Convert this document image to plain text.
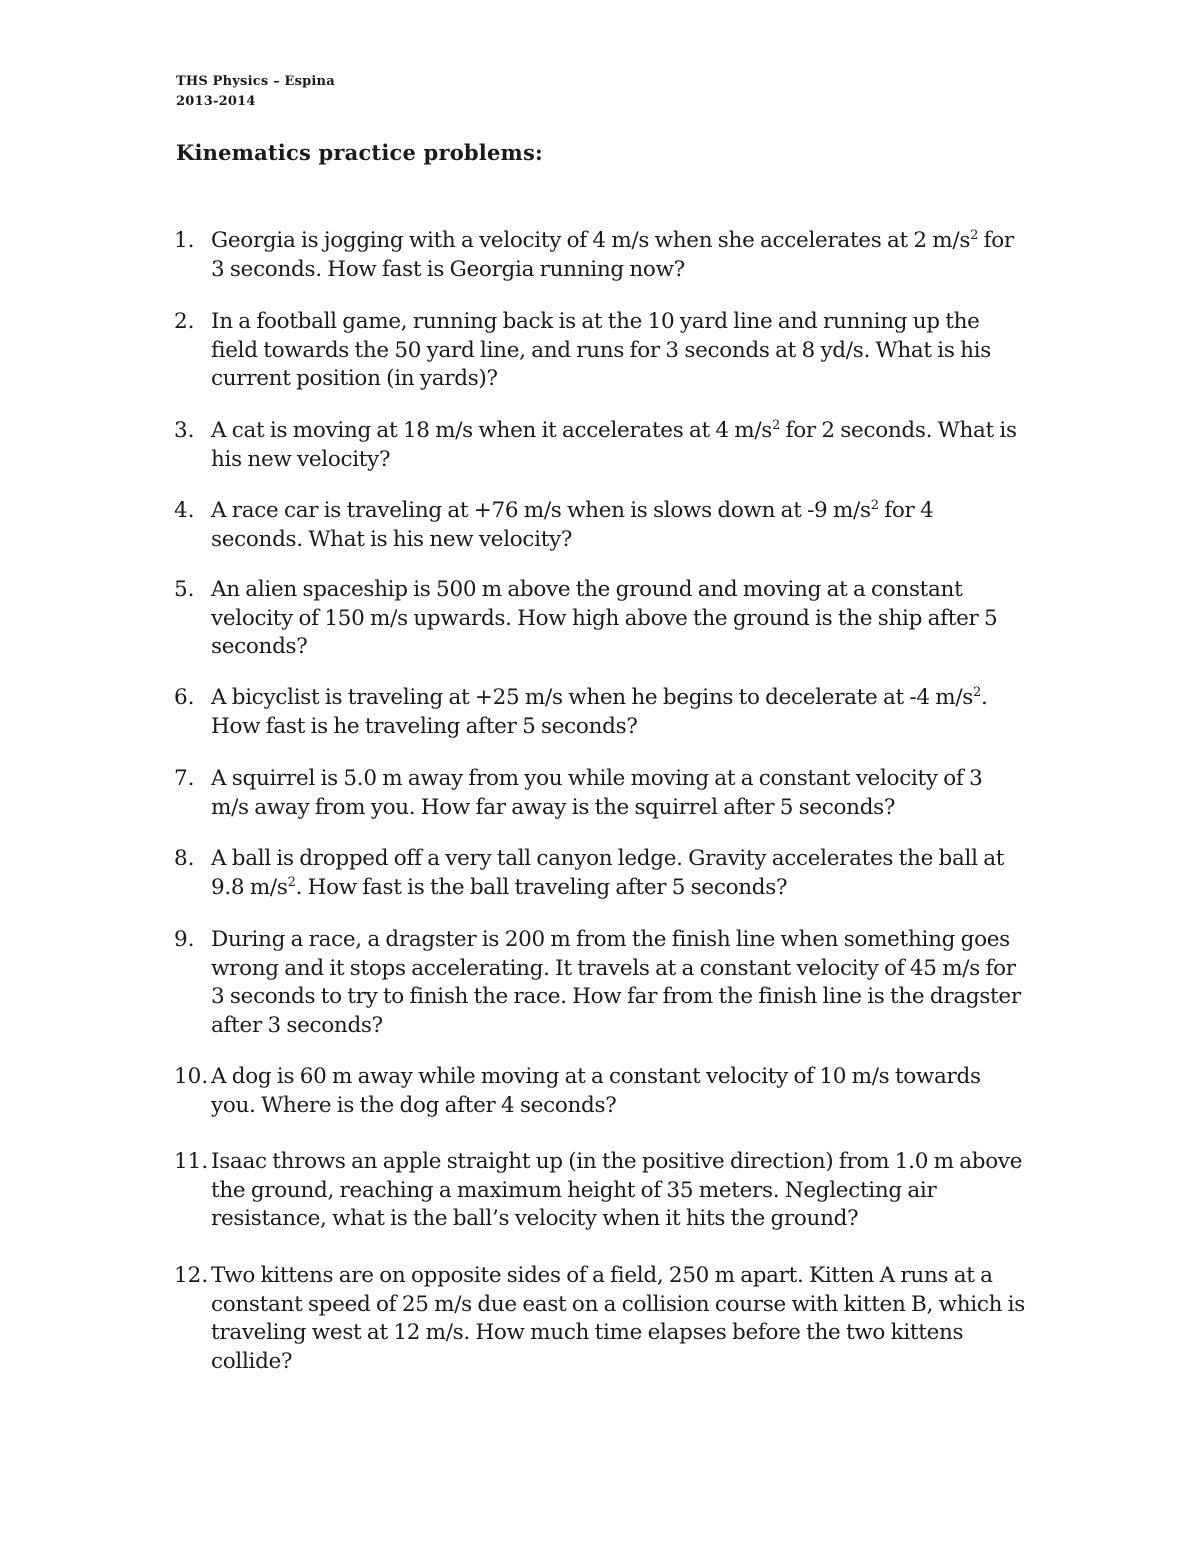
THS Physics – Espina
2013-2014
Kinematics practice problems:
1. Georgia is jogging with a velocity of 4 m/s when she accelerates at 2 $m/s^2$ for
3 seconds. How fast is Georgia running now?
2. In a football game, running back is at the 10 yard line and running up the
field towards the 50 yard line, and runs for 3 seconds at 8 yd/s. What is his
current position (in yards)?
3. A cat is moving at 18 m/s when it accelerates at 4 $m/s^2$ for 2 seconds. What is
his new velocity?
4. A race car is traveling at +76 m/s when is slows down at -9 $m/s^2$ for 4
seconds. What is his new velocity?
5. An alien spaceship is 500 m above the ground and moving at a constant
velocity of 150 m/s upwards. How high above the ground is the ship after 5
seconds?
6. A bicyclist is traveling at +25 m/s when he begins to decelerate at -4 $m/s^2$.
How fast is he traveling after 5 seconds?
7. A squirrel is 5.0 m away from you while moving at a constant velocity of 3
m/s away from you. How far away is the squirrel after 5 seconds?
8. A ball is dropped off a very tall canyon ledge. Gravity accelerates the ball at
9.8 $m/s^2$. How fast is the ball traveling after 5 seconds?
9. During a race, a dragster is 200 m from the finish line when something goes
wrong and it stops accelerating. It travels at a constant velocity of 45 m/s for
3 seconds to try to finish the race. How far from the finish line is the dragster
after 3 seconds?
10. A dog is 60 m away while moving at a constant velocity of 10 m/s towards
you. Where is the dog after 4 seconds?
11. Isaac throws an apple straight up (in the positive direction) from 1.0 m above
the ground, reaching a maximum height of 35 meters. Neglecting air
resistance, what is the ball’s velocity when it hits the ground?
12. Two kittens are on opposite sides of a field, 250 m apart. Kitten A runs at a
constant speed of 25 m/s due east on a collision course with kitten B, which is
traveling west at 12 m/s. How much time elapses before the two kittens
collide?
